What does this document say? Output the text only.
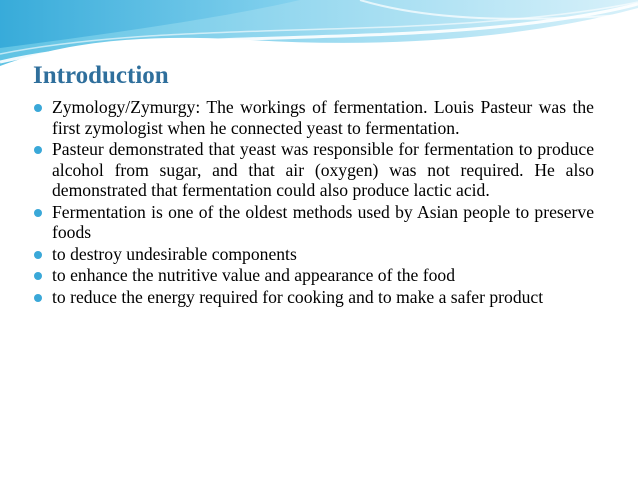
Introduction
Zymology/Zymurgy: The workings of fermentation. Louis Pasteur was the first zymologist when he connected yeast to fermentation.
Pasteur demonstrated that yeast was responsible for fermentation to produce alcohol from sugar, and that air (oxygen) was not required. He also demonstrated that fermentation could also produce lactic acid.
Fermentation is one of the oldest methods used by Asian people to preserve foods
to destroy undesirable components
to enhance the nutritive value and appearance of the food
to reduce the energy required for cooking and to make a safer product
